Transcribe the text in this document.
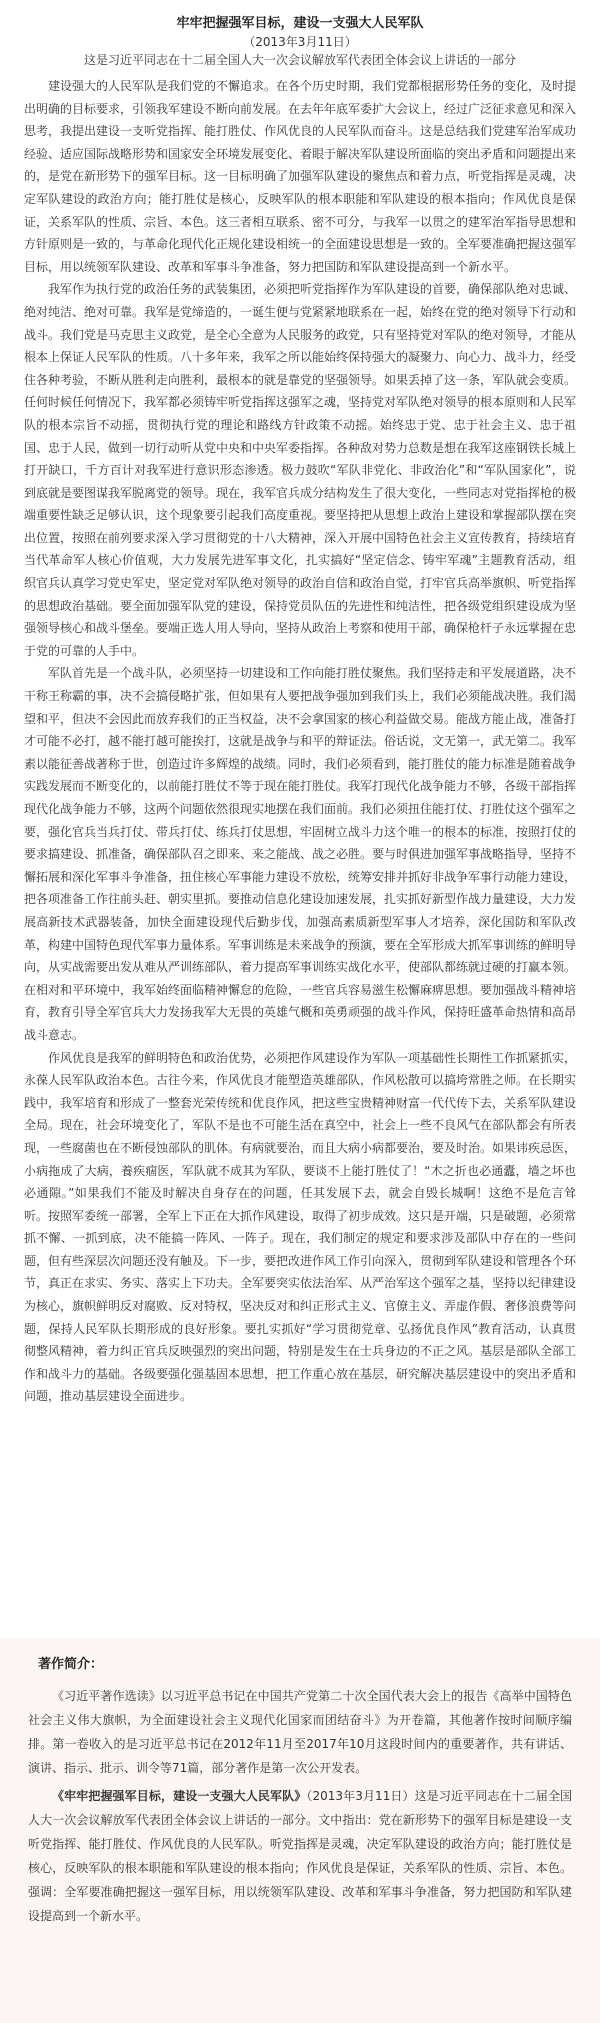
牢牢把握强军目标，建设一支强大人民军队

（2013年3月11日）

这是习近平同志在十二届全国人大一次会议解放军代表团全体会议上讲话的一部分

建设强大的人民军队是我们党的不懈追求。在各个历史时期，我们党都根据形势任务的变化，及时提出明确的目标要求，引领我军建设不断向前发展。在去年年底军委扩大会议上，经过广泛征求意见和深入思考，我提出建设一支听党指挥、能打胜仗、作风优良的人民军队而奋斗。这是总结我们党建军治军成功经验、适应国际战略形势和国家安全环境发展变化、着眼于解决军队建设所面临的突出矛盾和问题提出来的，是党在新形势下的强军目标。这一目标明确了加强军队建设的聚焦点和着力点，听党指挥是灵魂，决定军队建设的政治方向；能打胜仗是核心，反映军队的根本职能和军队建设的根本指向；作风优良是保证，关系军队的性质、宗旨、本色。这三者相互联系、密不可分，与我军一以贯之的建军治军指导思想和方针原则是一致的，与革命化现代化正规化建设相统一的全面建设思想是一致的。全军要准确把握这强军目标，用以统领军队建设、改革和军事斗争准备，努力把国防和军队建设提高到一个新水平。

我军作为执行党的政治任务的武装集团，必须把听党指挥作为军队建设的首要，确保部队绝对忠诚、绝对纯洁、绝对可靠。我军是党缔造的，一诞生便与党紧紧地联系在一起，始终在党的绝对领导下行动和战斗。我们党是马克思主义政党，是全心全意为人民服务的政党，只有坚持党对军队的绝对领导，才能从根本上保证人民军队的性质。八十多年来，我军之所以能始终保持强大的凝聚力、向心力、战斗力，经受住各种考验，不断从胜利走向胜利，最根本的就是靠党的坚强领导。如果丢掉了这一条，军队就会变质。任何时候任何情况下，我军都必须铸牢听党指挥这强军之魂，坚持党对军队绝对领导的根本原则和人民军队的根本宗旨不动摇，贯彻执行党的理论和路线方针政策不动摇。始终忠于党、忠于社会主义、忠于祖国、忠于人民，做到一切行动听从党中央和中央军委指挥。各种敌对势力总数是想在我军这座钢铁长城上打开缺口，千方百计对我军进行意识形态渗透。极力鼓吹“军队非党化、非政治化”和“军队国家化”，说到底就是要图谋我军脱离党的领导。现在，我军官兵成分结构发生了很大变化，一些同志对党指挥枪的极端重要性缺乏足够认识，这个现象要引起我们高度重视。要坚持把从思想上政治上建设和掌握部队摆在突出位置，按照在前列要求深入学习贯彻党的十八大精神，深入开展中国特色社会主义宣传教育，持续培育当代革命军人核心价值观，大力发展先进军事文化，扎实搞好“坚定信念、铸牢军魂”主题教育活动，组织官兵认真学习党史军史，坚定党对军队绝对领导的政治自信和政治自觉，打牢官兵高举旗帜、听党指挥的思想政治基础。要全面加强军队党的建设，保持党员队伍的先进性和纯洁性，把各级党组织建设成为坚强领导核心和战斗堡垒。要端正选人用人导向，坚持从政治上考察和使用干部，确保枪杆子永远掌握在忠于党的可靠的人手中。

军队首先是一个战斗队，必须坚持一切建设和工作向能打胜仗聚焦。我们坚持走和平发展道路，决不干称王称霸的事，决不会搞侵略扩张，但如果有人要把战争强加到我们头上，我们必须能战决胜。我们渴望和平，但决不会因此而放弃我们的正当权益，决不会拿国家的核心利益做交易。能战方能止战，准备打才可能不必打，越不能打越可能挨打，这就是战争与和平的辩证法。俗话说，文无第一，武无第二。我军素以能征善战著称于世，创造过许多辉煌的战绩。同时，我们必须看到，能打胜仗的能力标准是随着战争实践发展而不断变化的，以前能打胜仗不等于现在能打胜仗。我军打现代化战争能力不够，各级干部指挥现代化战争能力不够，这两个问题依然很现实地摆在我们面前。我们必须扭住能打仗、打胜仗这个强军之要，强化官兵当兵打仗、带兵打仗、练兵打仗思想，牢固树立战斗力这个唯一的根本的标准，按照打仗的要求搞建设、抓准备，确保部队召之即来、来之能战、战之必胜。要与时俱进加强军事战略指导，坚持不懈拓展和深化军事斗争准备，扭住核心军事能力建设不放松，统筹安排并抓好非战争军事行动能力建设，把各项准备工作往前头赶、朝实里抓。要推动信息化建设加速发展，扎实抓好新型作战力量建设，大力发展高新技术武器装备，加快全面建设现代后勤步伐，加强高素质新型军事人才培养，深化国防和军队改革，构建中国特色现代军事力量体系。军事训练是未来战争的预演，要在全军形成大抓军事训练的鲜明导向，从实战需要出发从难从严训练部队，着力提高军事训练实战化水平，使部队都练就过硬的打赢本领。在相对和平环境中，我军始终面临精神懈怠的危险，一些官兵容易滋生松懈麻痹思想。要加强战斗精神培育，教育引导全军官兵大力发扬我军大无畏的英雄气概和英勇顽强的战斗作风，保持旺盛革命热情和高昂战斗意志。

作风优良是我军的鲜明特色和政治优势，必须把作风建设作为军队一项基础性长期性工作抓紧抓实，永葆人民军队政治本色。古往今来，作风优良才能塑造英雄部队，作风松散可以搞垮常胜之师。在长期实践中，我军培育和形成了一整套光荣传统和优良作风，把这些宝贵精神财富一代代传下去，关系军队建设全局。现在，社会环境变化了，军队不是也不可能生活在真空中，社会上一些不良风气在部队都会有所表现，一些腐菌也在不断侵蚀部队的肌体。有病就要治，而且大病小病都要治，要及时治。如果讳疾忌医，小病拖成了大病，養疾痼医，军队就不成其为军队，要谈不上能打胜仗了！“木之折也必通蠹，墙之坏也必通隙。”如果我们不能及时解决自身存在的问题，任其发展下去，就会自毁长城啊！这绝不是危言耸听。按照军委统一部署，全军上下正在大抓作风建设，取得了初步成效。这只是开端，只是破题，必须常抓不懈、一抓到底，决不能搞一阵风、一阵子。现在，我们制定的规定和要求涉及部队中存在的一些问题，但有些深层次问题还没有触及。下一步，要把改进作风工作引向深入，贯彻到军队建设和管理各个环节，真正在求实、务实、落实上下功夫。全军要突实依法治军、从严治军这个强军之基，坚持以纪律建设为核心，旗帜鲜明反对腐败、反对特权，坚决反对和纠正形式主义、官僚主义、弄虚作假、奢侈浪费等问题，保持人民军队长期形成的良好形象。要扎实抓好“学习贯彻党章、弘扬优良作风”教育活动，认真贯彻整风精神，着力纠正官兵反映强烈的突出问题，特别是发生在士兵身边的不正之风。基层是部队全部工作和战斗力的基础。各级要强化强基固本思想，把工作重心放在基层，研究解决基层建设中的突出矛盾和问题，推动基层建设全面进步。

著作简介：

《习近平著作选读》以习近平总书记在中国共产党第二十次全国代表大会上的报告《高举中国特色社会主义伟大旗帜，为全面建设社会主义现代化国家而团结奋斗》为开卷篇，其他著作按时间顺序编排。第一卷收入的是习近平总书记在2012年11月至2017年10月这段时间内的重要著作，共有讲话、演讲、指示、批示、训令等71篇，部分著作是第一次公开发表。

《牢牢把握强军目标，建设一支强大人民军队》（2013年3月11日）这是习近平同志在十二届全国人大一次会议解放军代表团全体会议上讲话的一部分。文中指出：党在新形势下的强军目标是建设一支听党指挥、能打胜仗、作风优良的人民军队。听党指挥是灵魂，决定军队建设的政治方向；能打胜仗是核心，反映军队的根本职能和军队建设的根本指向；作风优良是保证，关系军队的性质、宗旨、本色。强调：全军要准确把握这一强军目标，用以统领军队建设、改革和军事斗争准备，努力把国防和军队建设提高到一个新水平。
